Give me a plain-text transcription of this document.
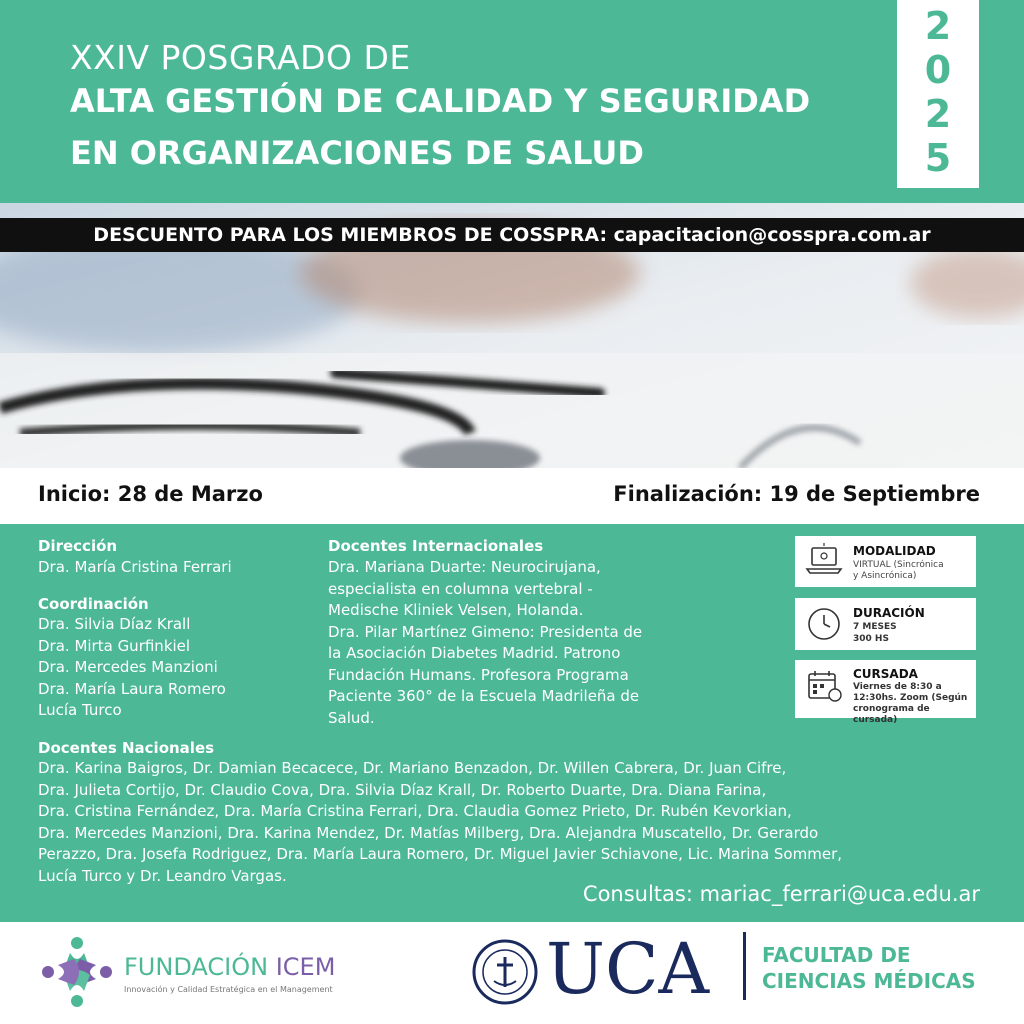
XXIV POSGRADO DE
ALTA GESTIÓN DE CALIDAD Y SEGURIDAD
EN ORGANIZACIONES DE SALUD
2
0
2
5
DESCUENTO PARA LOS MIEMBROS DE COSSPRA: capacitacion@cosspra.com.ar
Inicio: 28 de Marzo	Finalización: 19 de Septiembre
Dirección
Dra. María Cristina Ferrari
Coordinación
Dra. Silvia Díaz Krall
Dra. Mirta Gurfinkiel
Dra. Mercedes Manzioni
Dra. María Laura Romero
Lucía Turco
Docentes Internacionales
Dra. Mariana Duarte: Neurocirujana,
especialista en columna vertebral -
Medische Kliniek Velsen, Holanda.
Dra. Pilar Martínez Gimeno: Presidenta de
la Asociación Diabetes Madrid. Patrono
Fundación Humans. Profesora Programa
Paciente 360° de la Escuela Madrileña de
Salud.
MODALIDAD
VIRTUAL (Sincrónica
y Asincrónica)
DURACIÓN
7 MESES
300 HS
CURSADA
Viernes de 8:30 a
12:30hs. Zoom (Según
cronograma de cursada)
Docentes Nacionales
Dra. Karina Baigros, Dr. Damian Becacece, Dr. Mariano Benzadon, Dr. Willen Cabrera, Dr. Juan Cifre,
Dra. Julieta Cortijo, Dr. Claudio Cova, Dra. Silvia Díaz Krall, Dr. Roberto Duarte, Dra. Diana Farina,
Dra. Cristina Fernández, Dra. María Cristina Ferrari, Dra. Claudia Gomez Prieto, Dr. Rubén Kevorkian,
Dra. Mercedes Manzioni, Dra. Karina Mendez, Dr. Matías Milberg, Dra. Alejandra Muscatello, Dr. Gerardo
Perazzo, Dra. Josefa Rodriguez, Dra. María Laura Romero, Dr. Miguel Javier Schiavone, Lic. Marina Sommer,
Lucía Turco y Dr. Leandro Vargas.
Consultas: mariac_ferrari@uca.edu.ar
FUNDACIÓN ICEM
Innovación y Calidad Estratégica en el Management	UCA	FACULTAD DE
CIENCIAS MÉDICAS
